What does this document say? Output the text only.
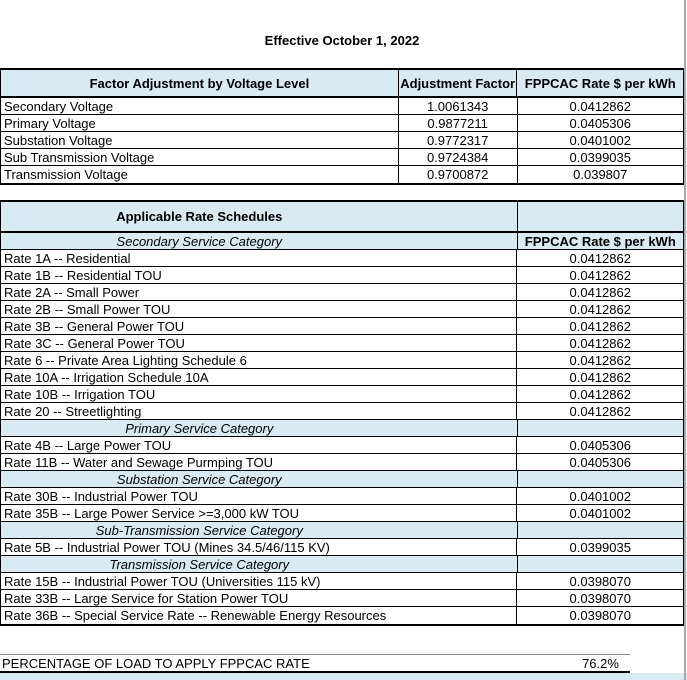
Effective October 1, 2022
Factor Adjustment by Voltage Level	Adjustment Factor FPPCAC Rate $ per kWh
Secondary Voltage	1.0061343	0.0412862
Primary Voltage	0.9877211	0.0405306
Substation Voltage	0.9772317	0.0401002
Sub Transmission Voltage	0.9724384	0.0399035
Transmission Voltage	0.9700872	0.039807
Applicable Rate Schedules
Secondary Service Category	FPPCAC Rate $ per kWh
Rate 1A -- Residential	0.0412862
Rate 1B -- Residential TOU	0.0412862
Rate 2A -- Small Power	0.0412862
Rate 2B -- Small Power TOU	0.0412862
Rate 3B -- General Power TOU	0.0412862
Rate 3C -- General Power TOU	0.0412862
Rate 6 -- Private Area Lighting Schedule 6	0.0412862
Rate 10A -- Irrigation Schedule 10A	0.0412862
Rate 10B -- Irrigation TOU	0.0412862
Rate 20 -- Streetlighting	0.0412862
Primary Service Category
Rate 4B -- Large Power TOU	0.0405306
Rate 11B -- Water and Sewage Purmping TOU	0.0405306
Substation Service Category
Rate 30B -- Industrial Power TOU	0.0401002
Rate 35B -- Large Power Service >=3,000 kW TOU	0.0401002
Sub-Transmission Service Category
Rate 5B -- Industrial Power TOU (Mines 34.5/46/115 KV)	0.0399035
Transmission Service Category
Rate 15B -- Industrial Power TOU (Universities 115 kV)	0.0398070
Rate 33B -- Large Service for Station Power TOU	0.0398070
Rate 36B -- Special Service Rate -- Renewable Energy Resources	0.0398070
PERCENTAGE OF LOAD TO APPLY FPPCAC RATE	76.2%
